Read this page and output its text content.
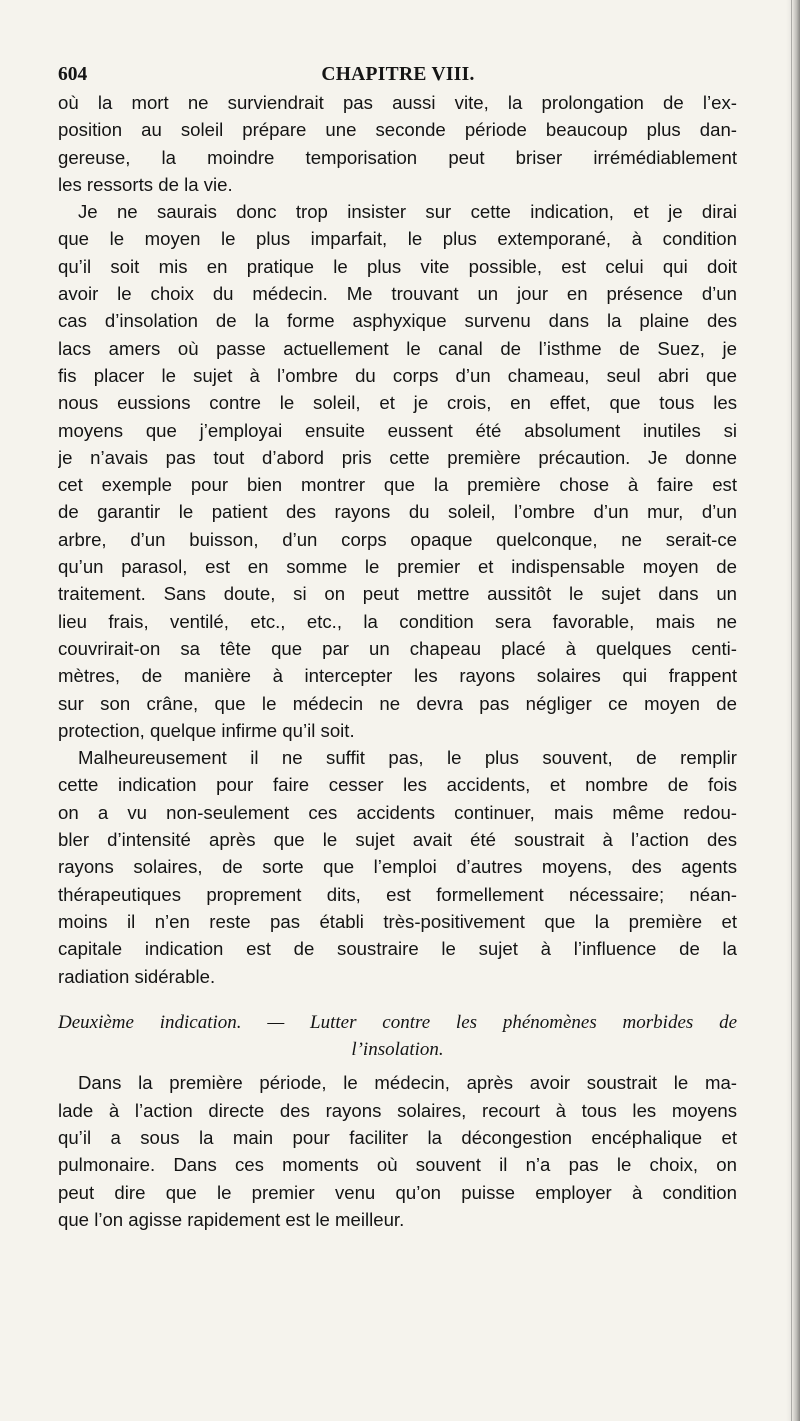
604	CHAPITRE VIII.
où la mort ne surviendrait pas aussi vite, la prolongation de l’ex-
position au soleil prépare une seconde période beaucoup plus dan-
gereuse, la moindre temporisation peut briser irrémédiablement
les ressorts de la vie.
Je ne saurais donc trop insister sur cette indication, et je dirai
que le moyen le plus imparfait, le plus extemporané, à condition
qu’il soit mis en pratique le plus vite possible, est celui qui doit
avoir le choix du médecin. Me trouvant un jour en présence d’un
cas d’insolation de la forme asphyxique survenu dans la plaine des
lacs amers où passe actuellement le canal de l’isthme de Suez, je
fis placer le sujet à l’ombre du corps d’un chameau, seul abri que
nous eussions contre le soleil, et je crois, en effet, que tous les
moyens que j’employai ensuite eussent été absolument inutiles si
je n’avais pas tout d’abord pris cette première précaution. Je donne
cet exemple pour bien montrer que la première chose à faire est
de garantir le patient des rayons du soleil, l’ombre d’un mur, d’un
arbre, d’un buisson, d’un corps opaque quelconque, ne serait-ce
qu’un parasol, est en somme le premier et indispensable moyen de
traitement. Sans doute, si on peut mettre aussitôt le sujet dans un
lieu frais, ventilé, etc., etc., la condition sera favorable, mais ne
couvrirait-on sa tête que par un chapeau placé à quelques centi-
mètres, de manière à intercepter les rayons solaires qui frappent
sur son crâne, que le médecin ne devra pas négliger ce moyen de
protection, quelque infirme qu’il soit.
Malheureusement il ne suffit pas, le plus souvent, de remplir
cette indication pour faire cesser les accidents, et nombre de fois
on a vu non-seulement ces accidents continuer, mais même redou-
bler d’intensité après que le sujet avait été soustrait à l’action des
rayons solaires, de sorte que l’emploi d’autres moyens, des agents
thérapeutiques proprement dits, est formellement nécessaire; néan-
moins il n’en reste pas établi très-positivement que la première et
capitale indication est de soustraire le sujet à l’influence de la
radiation sidérable.
Deuxième indication. — Lutter contre les phénomènes morbides de
l’insolation.
Dans la première période, le médecin, après avoir soustrait le ma-
lade à l’action directe des rayons solaires, recourt à tous les moyens
qu’il a sous la main pour faciliter la décongestion encéphalique et
pulmonaire. Dans ces moments où souvent il n’a pas le choix, on
peut dire que le premier venu qu’on puisse employer à condition
que l’on agisse rapidement est le meilleur.
